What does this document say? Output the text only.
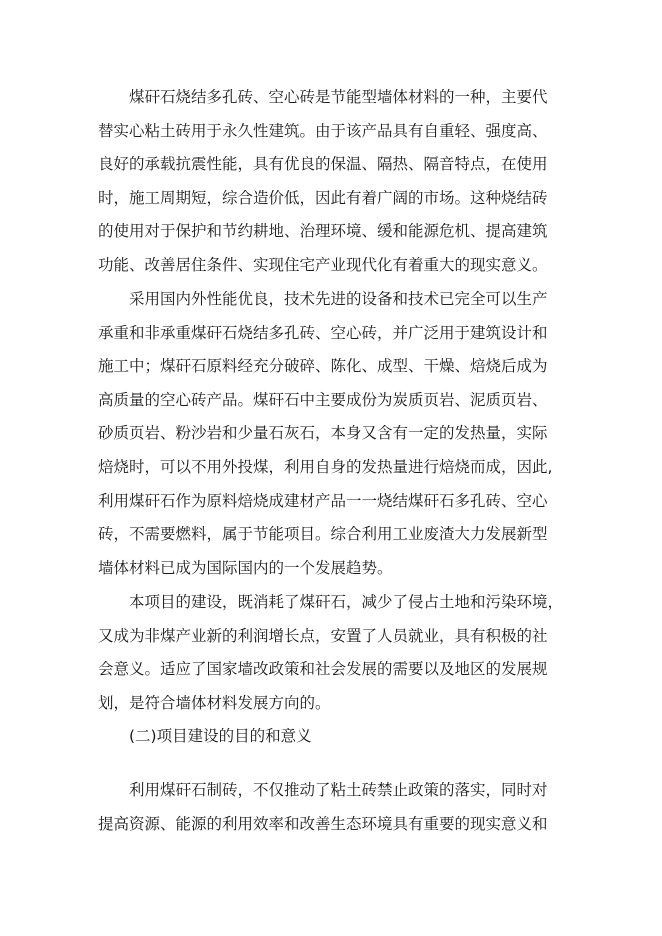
煤矸石烧结多孔砖、空心砖是节能型墙体材料的一种，主要代
替实心粘土砖用于永久性建筑。由于该产品具有自重轻、强度高、
良好的承载抗震性能，具有优良的保温、隔热、隔音特点，在使用
时，施工周期短，综合造价低，因此有着广阔的市场。这种烧结砖
的使用对于保护和节约耕地、治理环境、缓和能源危机、提高建筑
功能、改善居住条件、实现住宅产业现代化有着重大的现实意义。
采用国内外性能优良，技术先进的设备和技术已完全可以生产
承重和非承重煤矸石烧结多孔砖、空心砖，并广泛用于建筑设计和
施工中；煤矸石原料经充分破碎、陈化、成型、干燥、焙烧后成为
高质量的空心砖产品。煤矸石中主要成份为炭质页岩、泥质页岩、
砂质页岩、粉沙岩和少量石灰石，本身又含有一定的发热量，实际
焙烧时，可以不用外投煤，利用自身的发热量进行焙烧而成，因此,
利用煤矸石作为原料焙烧成建材产品一一烧结煤矸石多孔砖、空心
砖，不需要燃料，属于节能项目。综合利用工业废渣大力发展新型
墙体材料已成为国际国内的一个发展趋势。
本项目的建设，既消耗了煤矸石，减少了侵占土地和污染环境，
又成为非煤产业新的利润增长点，安置了人员就业，具有积极的社
会意义。适应了国家墙改政策和社会发展的需要以及地区的发展规
划，是符合墙体材料发展方向的。
(二)项目建设的目的和意义
利用煤矸石制砖，不仅推动了粘土砖禁止政策的落实，同时对
提高资源、能源的利用效率和改善生态环境具有重要的现实意义和
